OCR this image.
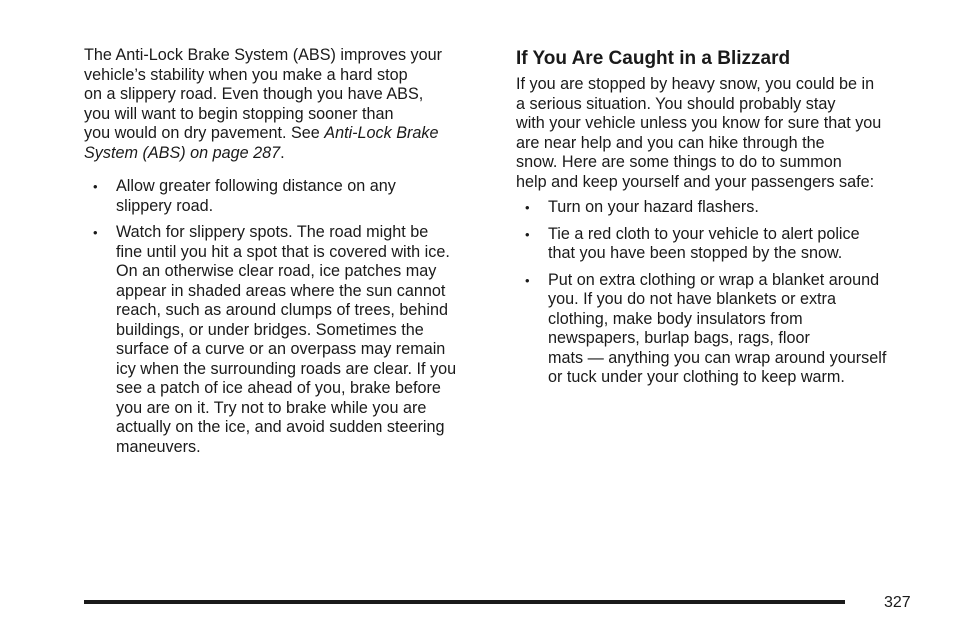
The Anti-Lock Brake System (ABS) improves your
vehicle’s stability when you make a hard stop
on a slippery road. Even though you have ABS,
you will want to begin stopping sooner than
you would on dry pavement. See Anti-Lock Brake
System (ABS) on page 287.

• Allow greater following distance on any
slippery road.
• Watch for slippery spots. The road might be
fine until you hit a spot that is covered with ice.
On an otherwise clear road, ice patches may
appear in shaded areas where the sun cannot
reach, such as around clumps of trees, behind
buildings, or under bridges. Sometimes the
surface of a curve or an overpass may remain
icy when the surrounding roads are clear. If you
see a patch of ice ahead of you, brake before
you are on it. Try not to brake while you are
actually on the ice, and avoid sudden steering
maneuvers.
If You Are Caught in a Blizzard

If you are stopped by heavy snow, you could be in
a serious situation. You should probably stay
with your vehicle unless you know for sure that you
are near help and you can hike through the
snow. Here are some things to do to summon
help and keep yourself and your passengers safe:

• Turn on your hazard flashers.
• Tie a red cloth to your vehicle to alert police
that you have been stopped by the snow.
• Put on extra clothing or wrap a blanket around
you. If you do not have blankets or extra
clothing, make body insulators from
newspapers, burlap bags, rags, floor
mats — anything you can wrap around yourself
or tuck under your clothing to keep warm.
327
